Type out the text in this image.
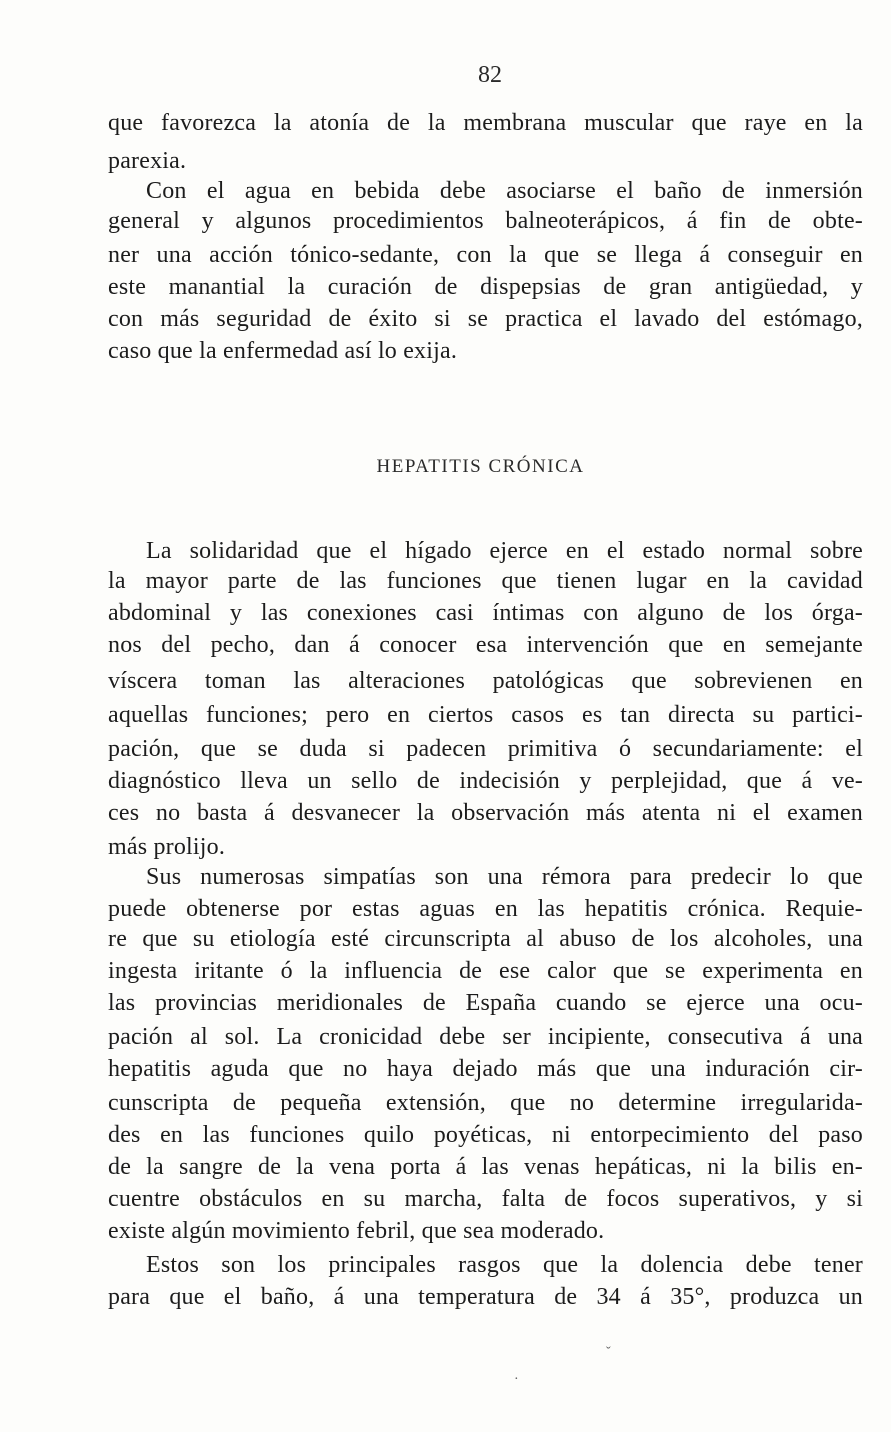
82
que favorezca la atonía de la membrana muscular que raye en la
parexia.
Con el agua en bebida debe asociarse el baño de inmersión
general y algunos procedimientos balneoterápicos, á fin de obte-
ner una acción tónico-sedante, con la que se llega á conseguir en
este manantial la curación de dispepsias de gran antigüedad, y
con más seguridad de éxito si se practica el lavado del estómago,
caso que la enfermedad así lo exija.
HEPATITIS CRÓNICA
La solidaridad que el hígado ejerce en el estado normal sobre
la mayor parte de las funciones que tienen lugar en la cavidad
abdominal y las conexiones casi íntimas con alguno de los órga-
nos del pecho, dan á conocer esa intervención que en semejante
víscera toman las alteraciones patológicas que sobrevienen en
aquellas funciones; pero en ciertos casos es tan directa su partici-
pación, que se duda si padecen primitiva ó secundariamente: el
diagnóstico lleva un sello de indecisión y perplejidad, que á ve-
ces no basta á desvanecer la observación más atenta ni el examen
más prolijo.
Sus numerosas simpatías son una rémora para predecir lo que
puede obtenerse por estas aguas en las hepatitis crónica. Requie-
re que su etiología esté circunscripta al abuso de los alcoholes, una
ingesta iritante ó la influencia de ese calor que se experimenta en
las provincias meridionales de España cuando se ejerce una ocu-
pación al sol. La cronicidad debe ser incipiente, consecutiva á una
hepatitis aguda que no haya dejado más que una induración cir-
cunscripta de pequeña extensión, que no determine irregularida-
des en las funciones quilo poyéticas, ni entorpecimiento del paso
de la sangre de la vena porta á las venas hepáticas, ni la bilis en-
cuentre obstáculos en su marcha, falta de focos superativos, y si
existe algún movimiento febril, que sea moderado.
Estos son los principales rasgos que la dolencia debe tener
para que el baño, á una temperatura de 34 á 35°, produzca un
ˇ
·
